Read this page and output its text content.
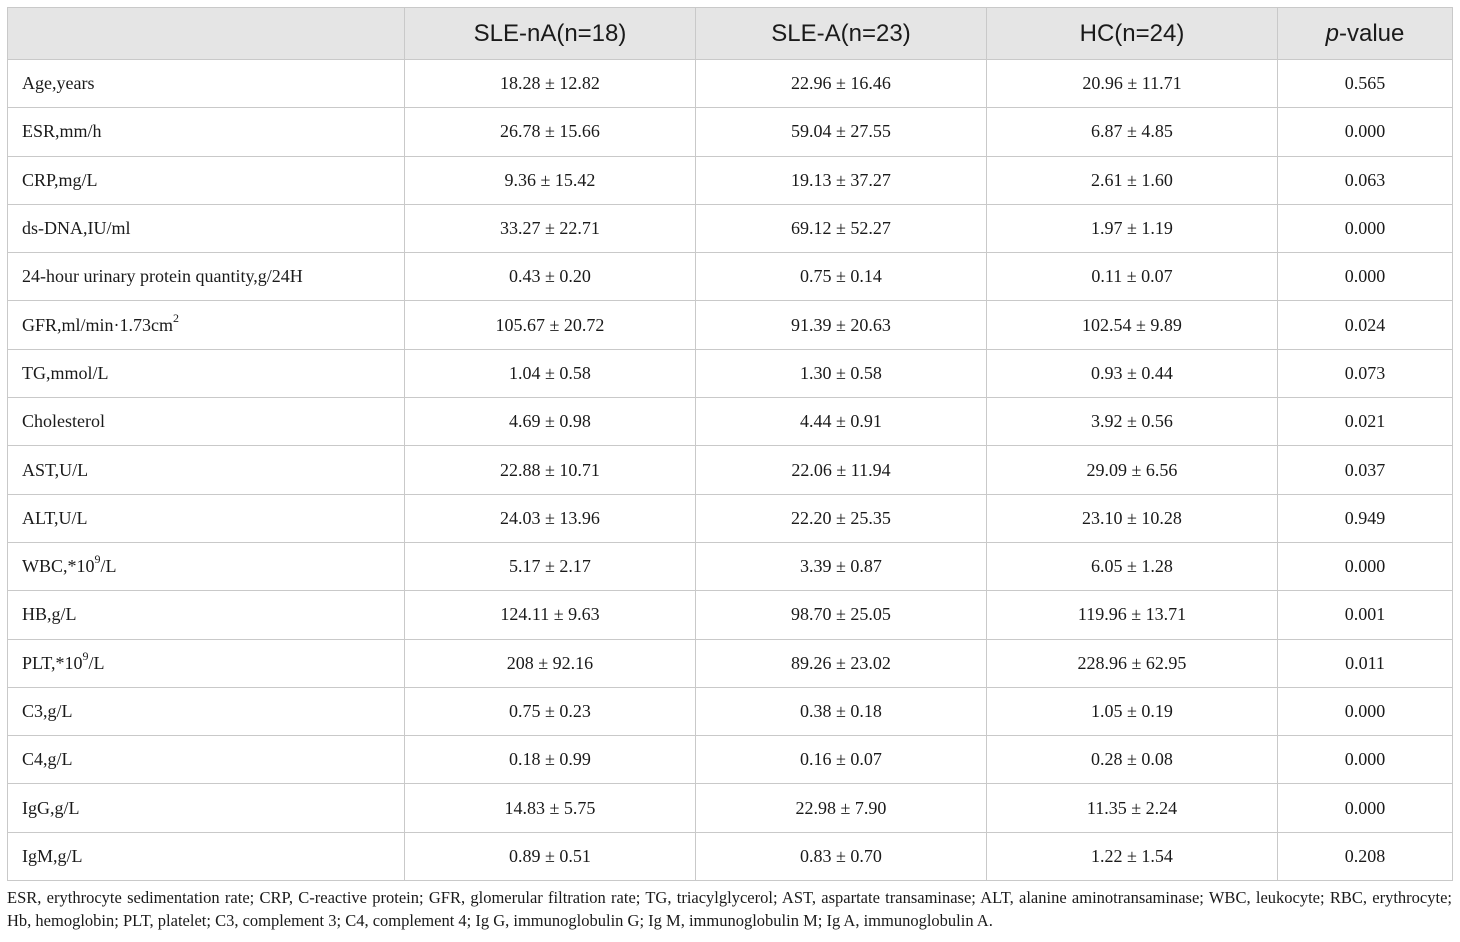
	SLE-nA(n=18)	SLE-A(n=23)	HC(n=24)	p-value
Age,years	18.28 ± 12.82	22.96 ± 16.46	20.96 ± 11.71	0.565
ESR,mm/h	26.78 ± 15.66	59.04 ± 27.55	6.87 ± 4.85	0.000
CRP,mg/L	9.36 ± 15.42	19.13 ± 37.27	2.61 ± 1.60	0.063
ds-DNA,IU/ml	33.27 ± 22.71	69.12 ± 52.27	1.97 ± 1.19	0.000
24-hour urinary protein quantity,g/24H	0.43 ± 0.20	0.75 ± 0.14	0.11 ± 0.07	0.000
$GFR,ml/\min\cdot 1.73cm^2$	105.67 ± 20.72	91.39 ± 20.63	102.54 ± 9.89	0.024
TG,mmol/L	1.04 ± 0.58	1.30 ± 0.58	0.93 ± 0.44	0.073
Cholesterol	4.69 ± 0.98	4.44 ± 0.91	3.92 ± 0.56	0.021
AST,U/L	22.88 ± 10.71	22.06 ± 11.94	29.09 ± 6.56	0.037
ALT,U/L	24.03 ± 13.96	22.20 ± 25.35	23.10 ± 10.28	0.949
$WBC,*10^9/L$	5.17 ± 2.17	3.39 ± 0.87	6.05 ± 1.28	0.000
HB,g/L	124.11 ± 9.63	98.70 ± 25.05	119.96 ± 13.71	0.001
$PLT,*10^9/L$	208 ± 92.16	89.26 ± 23.02	228.96 ± 62.95	0.011
C3,g/L	0.75 ± 0.23	0.38 ± 0.18	1.05 ± 0.19	0.000
C4,g/L	0.18 ± 0.99	0.16 ± 0.07	0.28 ± 0.08	0.000
IgG,g/L	14.83 ± 5.75	22.98 ± 7.90	11.35 ± 2.24	0.000
IgM,g/L	0.89 ± 0.51	0.83 ± 0.70	1.22 ± 1.54	0.208
ESR, erythrocyte sedimentation rate; CRP, C-reactive protein; GFR, glomerular filtration rate; TG, triacylglycerol; AST, aspartate transaminase; ALT, alanine aminotransaminase; WBC, leukocyte; RBC, erythrocyte; Hb, hemoglobin; PLT, platelet; C3, complement 3; C4, complement 4; Ig G, immunoglobulin G; Ig M, immunoglobulin M; Ig A, immunoglobulin A.
